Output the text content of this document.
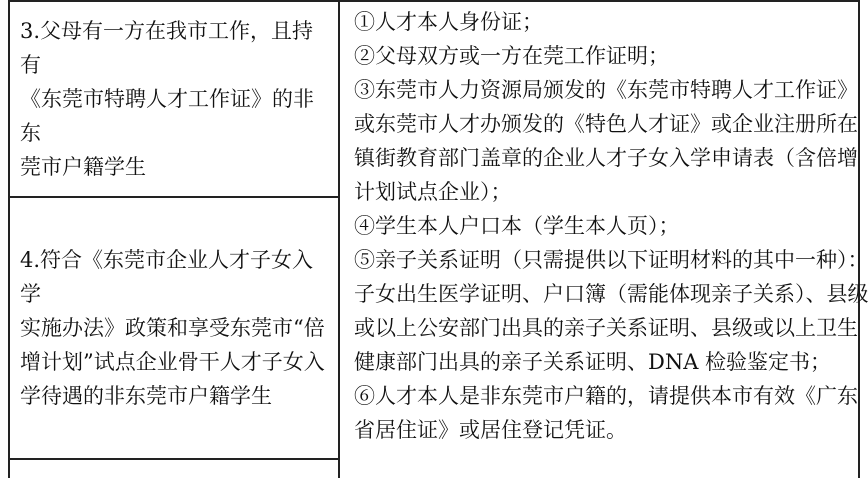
3.父母有一方在我市工作，且持有
《东莞市特聘人才工作证》的非东
莞市户籍学生
4.符合《东莞市企业人才子女入学
实施办法》政策和享受东莞市“倍
增计划”试点企业骨干人才子女入
学待遇的非东莞市户籍学生
①人才本人身份证；
②父母双方或一方在莞工作证明；
③东莞市人力资源局颁发的《东莞市特聘人才工作证》
或东莞市人才办颁发的《特色人才证》或企业注册所在
镇街教育部门盖章的企业人才子女入学申请表（含倍增
计划试点企业）；
④学生本人户口本（学生本人页）；
⑤亲子关系证明（只需提供以下证明材料的其中一种）：
子女出生医学证明、户口簿（需能体现亲子关系）、县级
或以上公安部门出具的亲子关系证明、县级或以上卫生
健康部门出具的亲子关系证明、DNA 检验鉴定书；
⑥人才本人是非东莞市户籍的，请提供本市有效《广东
省居住证》或居住登记凭证。
